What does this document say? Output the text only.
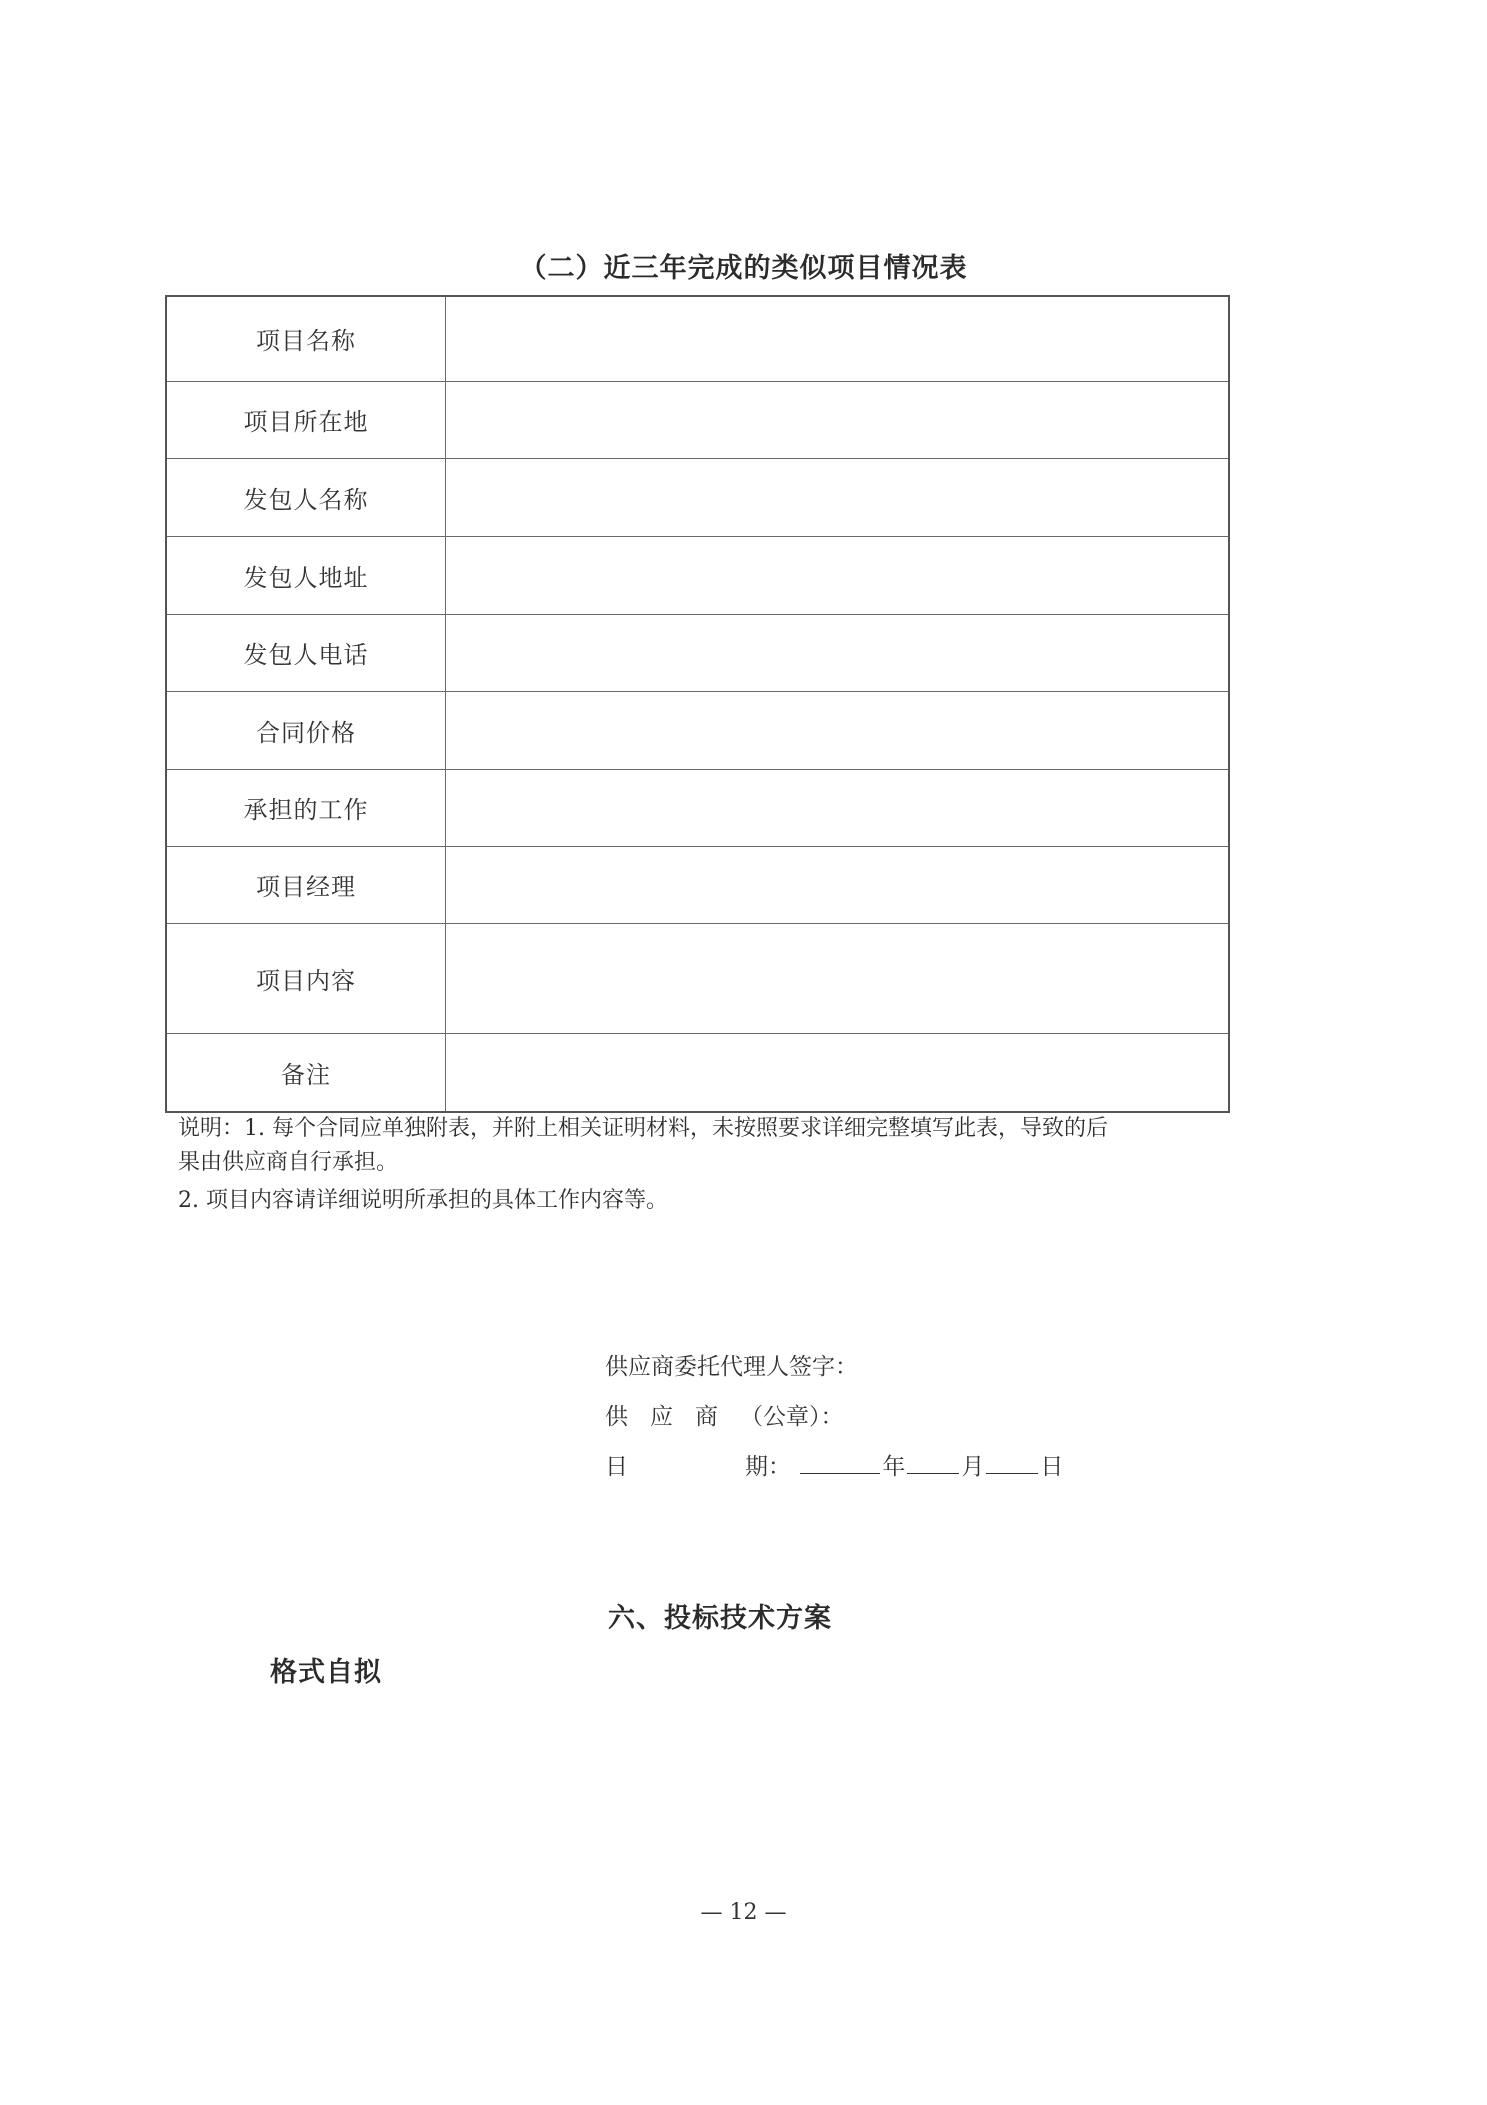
（二）近三年完成的类似项目情况表
项目名称	
项目所在地	
发包人名称	
发包人地址	
发包人电话	
合同价格	
承担的工作	
项目经理	
项目内容	
备注	

说明：1. 每个合同应单独附表，并附上相关证明材料，未按照要求详细完整填写此表，导致的后

果由供应商自行承担。

2. 项目内容请详细说明所承担的具体工作内容等。

供应商委托代理人签字：
供应商（公章）：
日	期：	年 月 日
六、投标技术方案
格式自拟
— 12 —
